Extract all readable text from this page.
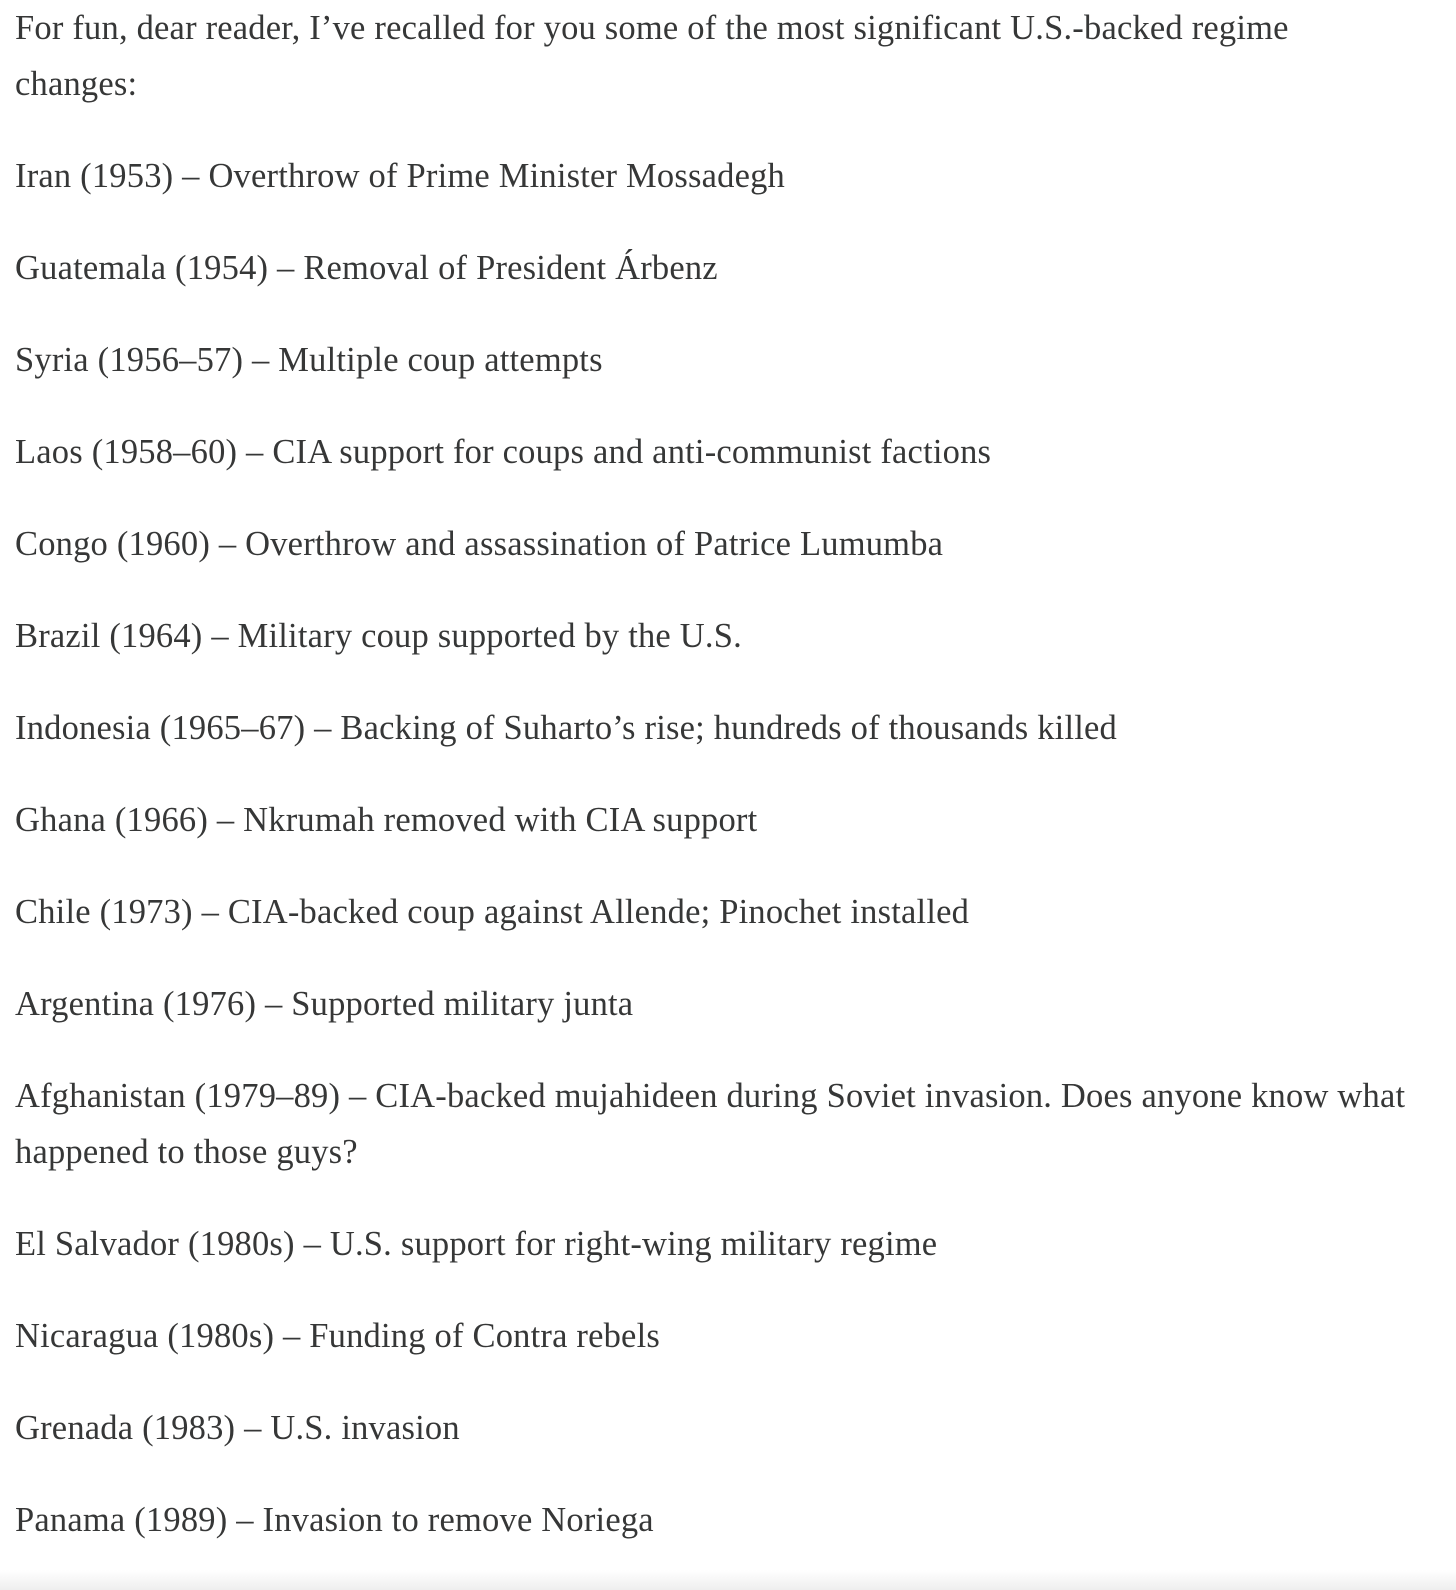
For fun, dear reader, I’ve recalled for you some of the most significant U.S.-backed regime changes:

Iran (1953) – Overthrow of Prime Minister Mossadegh

Guatemala (1954) – Removal of President Árbenz

Syria (1956–57) – Multiple coup attempts

Laos (1958–60) – CIA support for coups and anti-communist factions

Congo (1960) – Overthrow and assassination of Patrice Lumumba

Brazil (1964) – Military coup supported by the U.S.

Indonesia (1965–67) – Backing of Suharto’s rise; hundreds of thousands killed

Ghana (1966) – Nkrumah removed with CIA support

Chile (1973) – CIA-backed coup against Allende; Pinochet installed

Argentina (1976) – Supported military junta

Afghanistan (1979–89) – CIA-backed mujahideen during Soviet invasion. Does anyone know what happened to those guys?

El Salvador (1980s) – U.S. support for right-wing military regime

Nicaragua (1980s) – Funding of Contra rebels

Grenada (1983) – U.S. invasion

Panama (1989) – Invasion to remove Noriega
